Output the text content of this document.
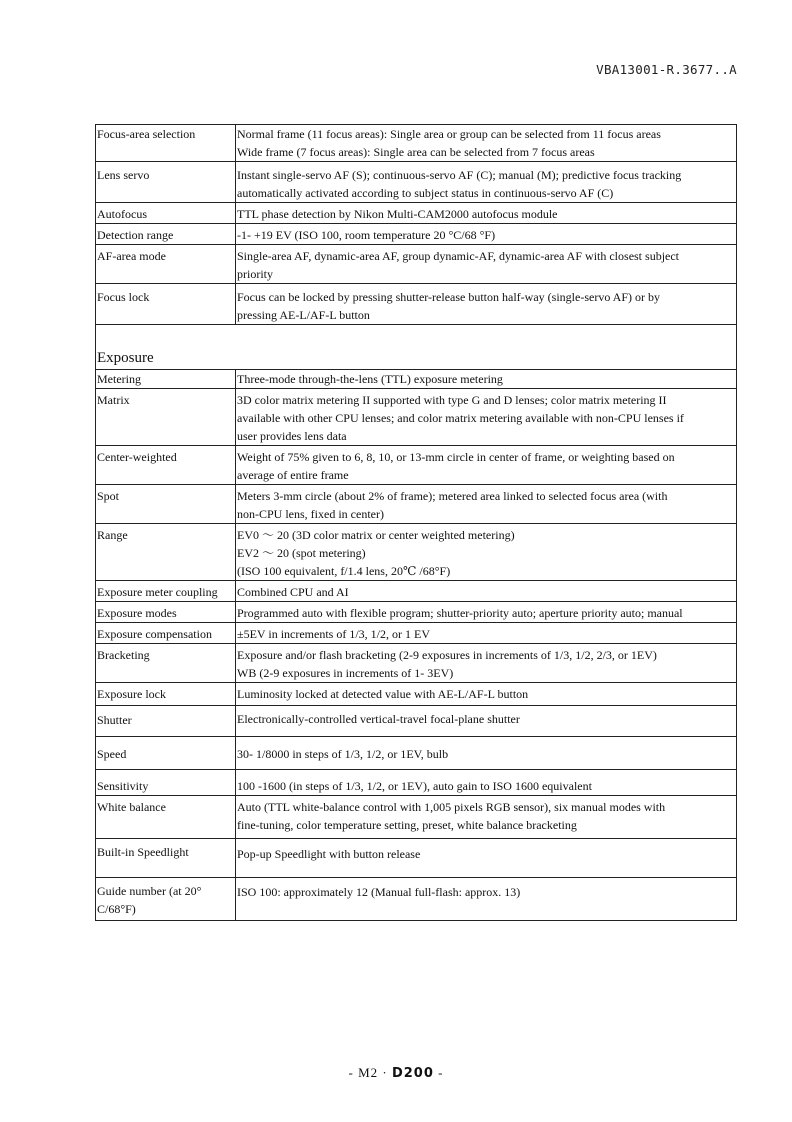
VBA13001-R.3677..A
Focus-area selection	Normal frame (11 focus areas): Single area or group can be selected from 11 focus areas
Wide frame (7 focus areas): Single area can be selected from 7 focus areas

Lens servo	Instant single-servo AF (S); continuous-servo AF (C); manual (M); predictive focus tracking
automatically activated according to subject status in continuous-servo AF (C)

Autofocus	TTL phase detection by Nikon Multi-CAM2000 autofocus module

Detection range	-1- +19 EV (ISO 100, room temperature 20 °C/68 °F)

AF-area mode	Single-area AF, dynamic-area AF, group dynamic-AF, dynamic-area AF with closest subject
priority

Focus lock	Focus can be locked by pressing shutter-release button half-way (single-servo AF) or by
pressing AE-L/AF-L button

Exposure	
Metering	Three-mode through-the-lens (TTL) exposure metering

Matrix	3D color matrix metering II supported with type G and D lenses; color matrix metering II
available with other CPU lenses; and color matrix metering available with non-CPU lenses if
user provides lens data

Center-weighted	Weight of 75% given to 6, 8, 10, or 13-mm circle in center of frame, or weighting based on
average of entire frame

Spot	Meters 3-mm circle (about 2% of frame); metered area linked to selected focus area (with
non-CPU lens, fixed in center)

Range	EV0 ～ 20 (3D color matrix or center weighted metering)
EV2 ～ 20 (spot metering)
(ISO 100 equivalent, f/1.4 lens, 20℃ /68°F)

Exposure meter coupling	Combined CPU and AI

Exposure modes	Programmed auto with flexible program; shutter-priority auto; aperture priority auto; manual

Exposure compensation	±5EV in increments of 1/3, 1/2, or 1 EV

Bracketing	Exposure and/or flash bracketing (2-9 exposures in increments of 1/3, 1/2, 2/3, or 1EV)
WB (2-9 exposures in increments of 1- 3EV)

Exposure lock	Luminosity locked at detected value with AE-L/AF-L button

Shutter	Electronically-controlled vertical-travel focal-plane shutter

Speed	30- 1/8000 in steps of 1/3, 1/2, or 1EV, bulb

Sensitivity	100 -1600 (in steps of 1/3, 1/2, or 1EV), auto gain to ISO 1600 equivalent

White balance	Auto (TTL white-balance control with 1,005 pixels RGB sensor), six manual modes with
fine-tuning, color temperature setting, preset, white balance bracketing

Built-in Speedlight	Pop-up Speedlight with button release

Guide number (at 20°
C/68°F)	ISO 100: approximately 12 (Manual full-flash: approx. 13)
- M2 · D200 -
